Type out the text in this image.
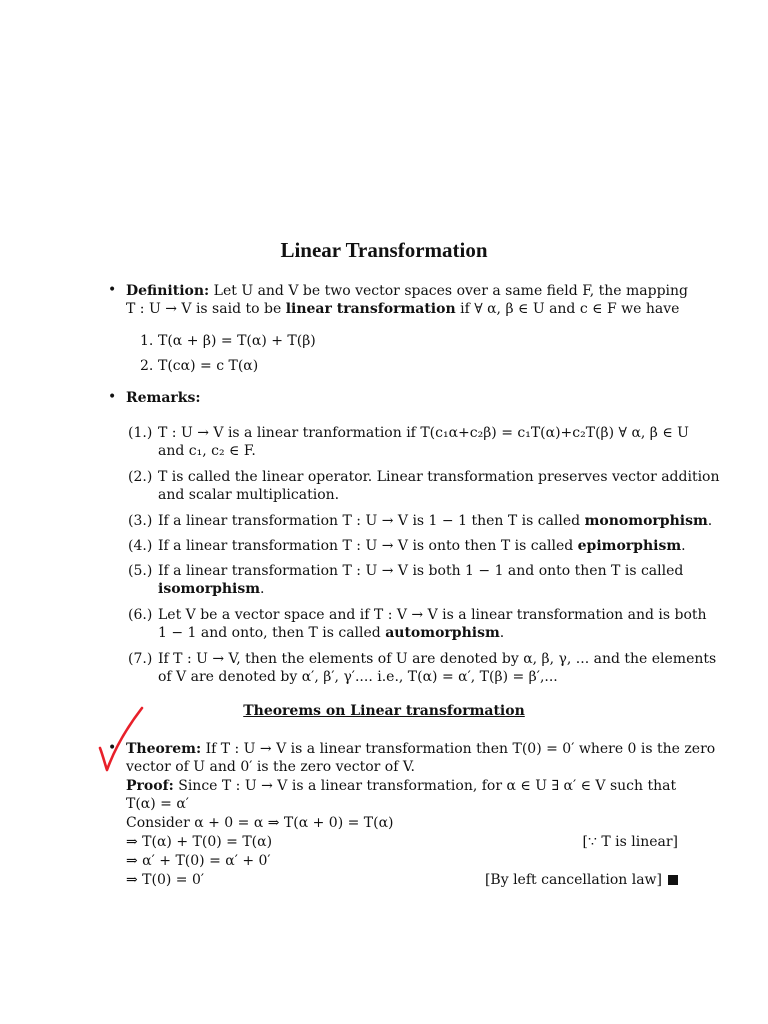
Linear Transformation
• Definition: Let U and V be two vector spaces over a same field F, the mapping
T : U → V is said to be linear transformation if ∀ α, β ∈ U and c ∈ F we have
1. T(α + β) = T(α) + T(β)
2. T(cα) = c T(α)
• Remarks:
(1.) T : U → V is a linear tranformation if T(c₁α+c₂β) = c₁T(α)+c₂T(β) ∀ α, β ∈ U
and c₁, c₂ ∈ F.
(2.) T is called the linear operator. Linear transformation preserves vector addition
and scalar multiplication.
(3.) If a linear transformation T : U → V is 1 − 1 then T is called monomorphism.
(4.) If a linear transformation T : U → V is onto then T is called epimorphism.
(5.) If a linear transformation T : U → V is both 1 − 1 and onto then T is called
isomorphism.
(6.) Let V be a vector space and if T : V → V is a linear transformation and is both
1 − 1 and onto, then T is called automorphism.
(7.) If T : U → V, then the elements of U are denoted by α, β, γ, ... and the elements
of V are denoted by α′, β′, γ′.... i.e., T(α) = α′, T(β) = β′,...
Theorems on Linear transformation
• Theorem: If T : U → V is a linear transformation then T(0) = 0′ where 0 is the zero
vector of U and 0′ is the zero vector of V.
Proof: Since T : U → V is a linear transformation, for α ∈ U ∃ α′ ∈ V such that
T(α) = α′
Consider α + 0 = α ⇒ T(α + 0) = T(α)
⇒ T(α) + T(0) = T(α)	[∵ T is linear]
⇒ α′ + T(0) = α′ + 0′
⇒ T(0) = 0′	[By left cancellation law]
